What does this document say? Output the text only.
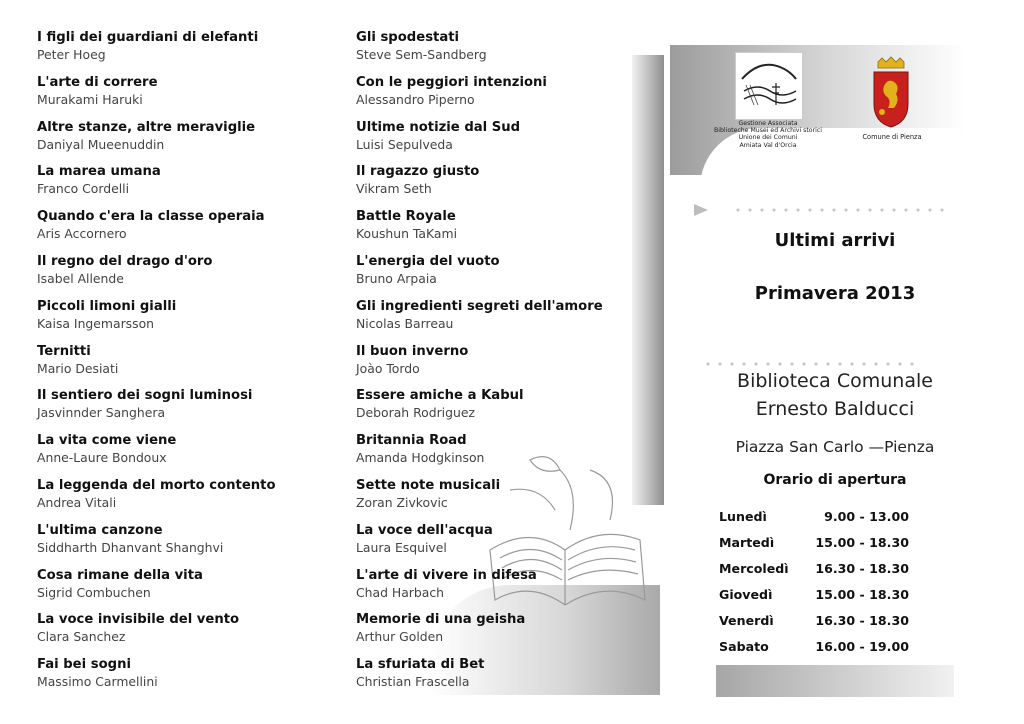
I figli dei guardiani di elefanti
Peter Hoeg
L'arte di correre
Murakami Haruki
Altre stanze, altre meraviglie
Daniyal Mueenuddin
La marea umana
Franco Cordelli
Quando c'era la classe operaia
Aris Accornero
Il regno del drago d'oro
Isabel Allende
Piccoli limoni gialli
Kaisa Ingemarsson
Ternitti
Mario Desiati
Il sentiero dei sogni luminosi
Jasvinnder Sanghera
La vita come viene
Anne-Laure Bondoux
La leggenda del morto contento
Andrea Vitali
L'ultima canzone
Siddharth Dhanvant Shanghvi
Cosa rimane della vita
Sigrid Combuchen
La voce invisibile del vento
Clara Sanchez
Fai bei sogni
Massimo Carmellini
Gli spodestati
Steve Sem-Sandberg
Con le peggiori intenzioni
Alessandro Piperno
Ultime notizie dal Sud
Luisi Sepulveda
Il ragazzo giusto
Vikram Seth
Battle Royale
Koushun TaKami
L'energia del vuoto
Bruno Arpaia
Gli ingredienti segreti dell'amore
Nicolas Barreau
Il buon inverno
Joào Tordo
Essere amiche a Kabul
Deborah Rodriguez
Britannia Road
Amanda Hodgkinson
Sette note musicali
Zoran Zivkovic
La voce dell'acqua
Laura Esquivel
L'arte di vivere in difesa
Chad Harbach
Memorie di una geisha
Arthur Golden
La sfuriata di Bet
Christian Frascella
Gestione Associata
Biblioteche Musei ed Archivi storici
Unione dei Comuni
Amiata Val d'Orcia
Comune di Pienza
Ultimi arrivi
Primavera 2013
Biblioteca Comunale
Ernesto Balducci
Piazza San Carlo —Pienza
Orario di apertura
Lunedì	9.00 - 13.00
Martedì	15.00 - 18.30
Mercoledì	16.30 - 18.30
Giovedì	15.00 - 18.30
Venerdì	16.30 - 18.30
Sabato	16.00 - 19.00
